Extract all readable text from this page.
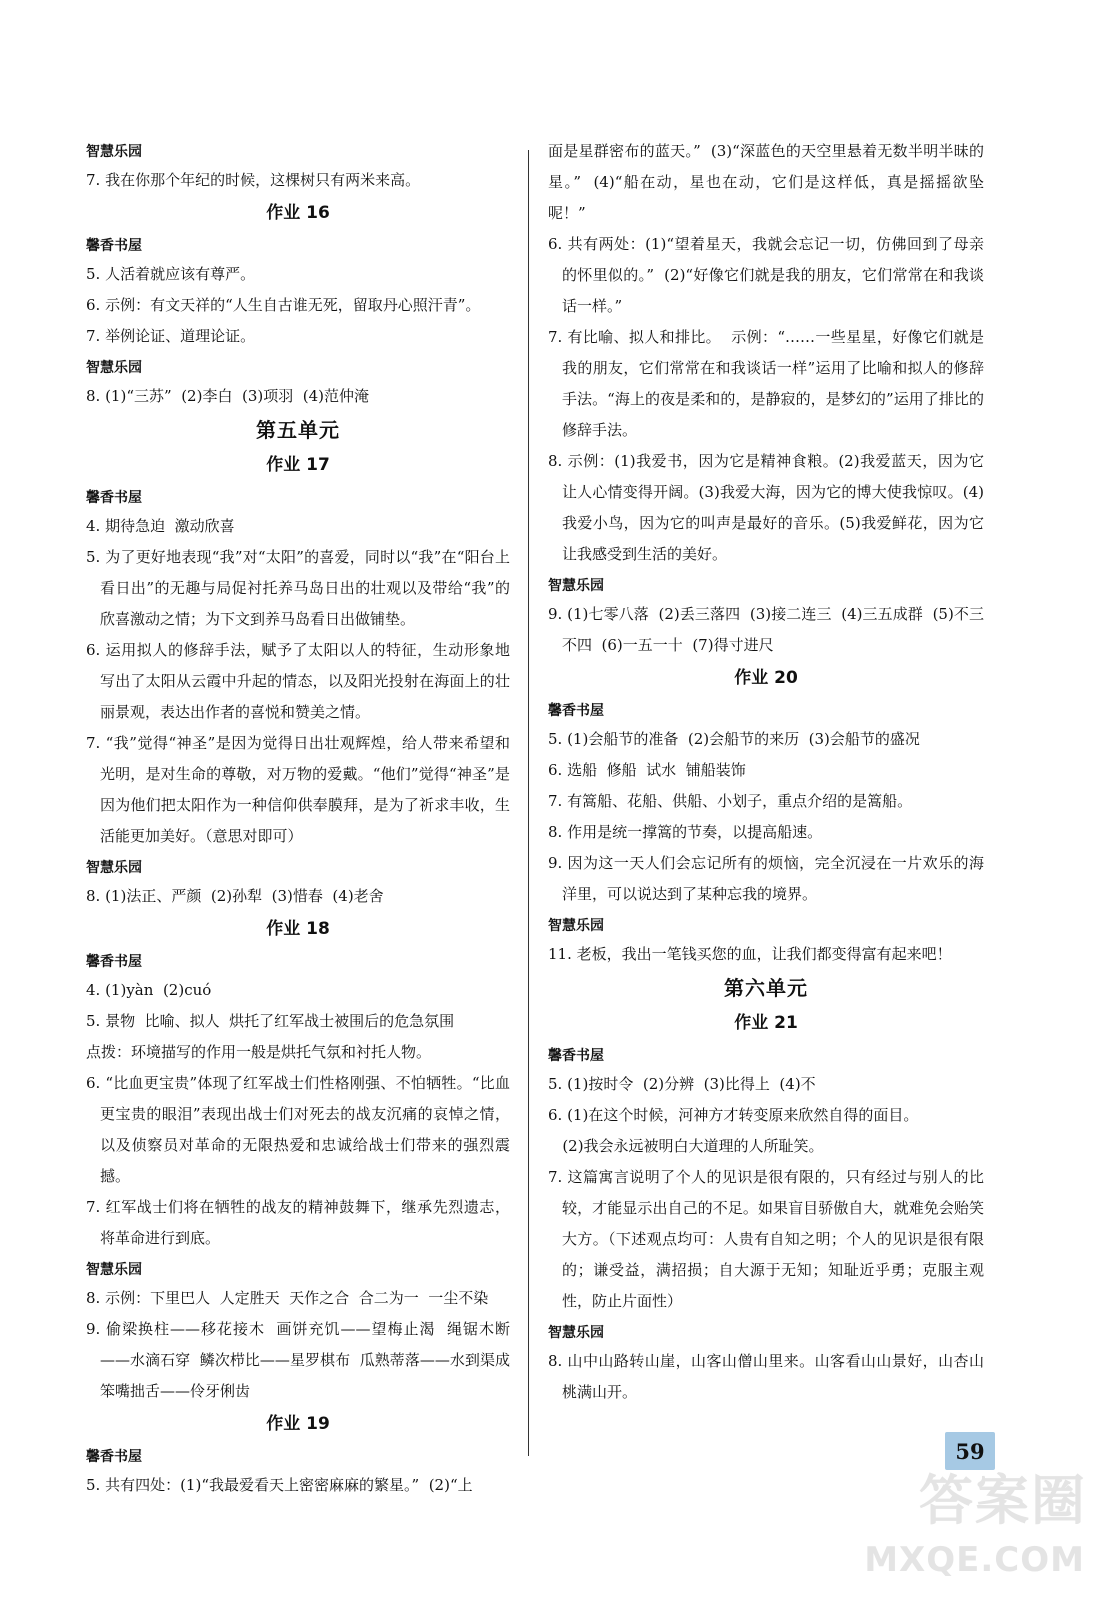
智慧乐园
7. 我在你那个年纪的时候，这棵树只有两米来高。
作业 16
馨香书屋
5. 人活着就应该有尊严。
6. 示例：有文天祥的“人生自古谁无死，留取丹心照汗青”。
7. 举例论证、道理论证。
智慧乐园
8. (1)“三苏”  (2)李白  (3)项羽  (4)范仲淹
第五单元
作业 17
馨香书屋
4. 期待急迫  激动欣喜
5. 为了更好地表现“我”对“太阳”的喜爱，同时以“我”在“阳台上看日出”的无趣与局促衬托养马岛日出的壮观以及带给“我”的欣喜激动之情；为下文到养马岛看日出做铺垫。
6. 运用拟人的修辞手法，赋予了太阳以人的特征，生动形象地写出了太阳从云霞中升起的情态，以及阳光投射在海面上的壮丽景观，表达出作者的喜悦和赞美之情。
7. “我”觉得“神圣”是因为觉得日出壮观辉煌，给人带来希望和光明，是对生命的尊敬，对万物的爱戴。“他们”觉得“神圣”是因为他们把太阳作为一种信仰供奉膜拜，是为了祈求丰收，生活能更加美好。（意思对即可）
智慧乐园
8. (1)法正、严颜  (2)孙犁  (3)惜春  (4)老舍
作业 18
馨香书屋
4. (1)yàn  (2)cuó
5. 景物  比喻、拟人  烘托了红军战士被围后的危急氛围
点拨：环境描写的作用一般是烘托气氛和衬托人物。
6. “比血更宝贵”体现了红军战士们性格刚强、不怕牺牲。“比血更宝贵的眼泪”表现出战士们对死去的战友沉痛的哀悼之情，以及侦察员对革命的无限热爱和忠诚给战士们带来的强烈震撼。
7. 红军战士们将在牺牲的战友的精神鼓舞下，继承先烈遗志，将革命进行到底。
智慧乐园
8. 示例：下里巴人  人定胜天  天作之合  合二为一  一尘不染
9. 偷梁换柱——移花接木  画饼充饥——望梅止渴  绳锯木断——水滴石穿  鳞次栉比——星罗棋布  瓜熟蒂落——水到渠成  笨嘴拙舌——伶牙俐齿
作业 19
馨香书屋
5. 共有四处：(1)“我最爱看天上密密麻麻的繁星。”  (2)“上
面是星群密布的蓝天。”  (3)“深蓝色的天空里悬着无数半明半昧的星。”  (4)“船在动，星也在动，它们是这样低，真是摇摇欲坠呢！”
6. 共有两处：(1)“望着星天，我就会忘记一切，仿佛回到了母亲的怀里似的。”  (2)“好像它们就是我的朋友，它们常常在和我谈话一样。”
7. 有比喻、拟人和排比。  示例：“……一些星星，好像它们就是我的朋友，它们常常在和我谈话一样”运用了比喻和拟人的修辞手法。“海上的夜是柔和的，是静寂的，是梦幻的”运用了排比的修辞手法。
8. 示例：(1)我爱书，因为它是精神食粮。(2)我爱蓝天，因为它让人心情变得开阔。(3)我爱大海，因为它的博大使我惊叹。(4)我爱小鸟，因为它的叫声是最好的音乐。(5)我爱鲜花，因为它让我感受到生活的美好。
智慧乐园
9. (1)七零八落  (2)丢三落四  (3)接二连三  (4)三五成群  (5)不三不四  (6)一五一十  (7)得寸进尺
作业 20
馨香书屋
5. (1)会船节的准备  (2)会船节的来历  (3)会船节的盛况
6. 选船  修船  试水  铺船装饰
7. 有篙船、花船、供船、小划子，重点介绍的是篙船。
8. 作用是统一撑篙的节奏，以提高船速。
9. 因为这一天人们会忘记所有的烦恼，完全沉浸在一片欢乐的海洋里，可以说达到了某种忘我的境界。
智慧乐园
11. 老板，我出一笔钱买您的血，让我们都变得富有起来吧！
第六单元
作业 21
馨香书屋
5. (1)按时令  (2)分辨  (3)比得上  (4)不
6. (1)在这个时候，河神方才转变原来欣然自得的面目。
(2)我会永远被明白大道理的人所耻笑。
7. 这篇寓言说明了个人的见识是很有限的，只有经过与别人的比较，才能显示出自己的不足。如果盲目骄傲自大，就难免会贻笑大方。（下述观点均可：人贵有自知之明；个人的见识是很有限的；谦受益，满招损；自大源于无知；知耻近乎勇；克服主观性，防止片面性）
智慧乐园
8. 山中山路转山崖，山客山僧山里来。山客看山山景好，山杏山桃满山开。
59
答案圈
MXQE.COM
